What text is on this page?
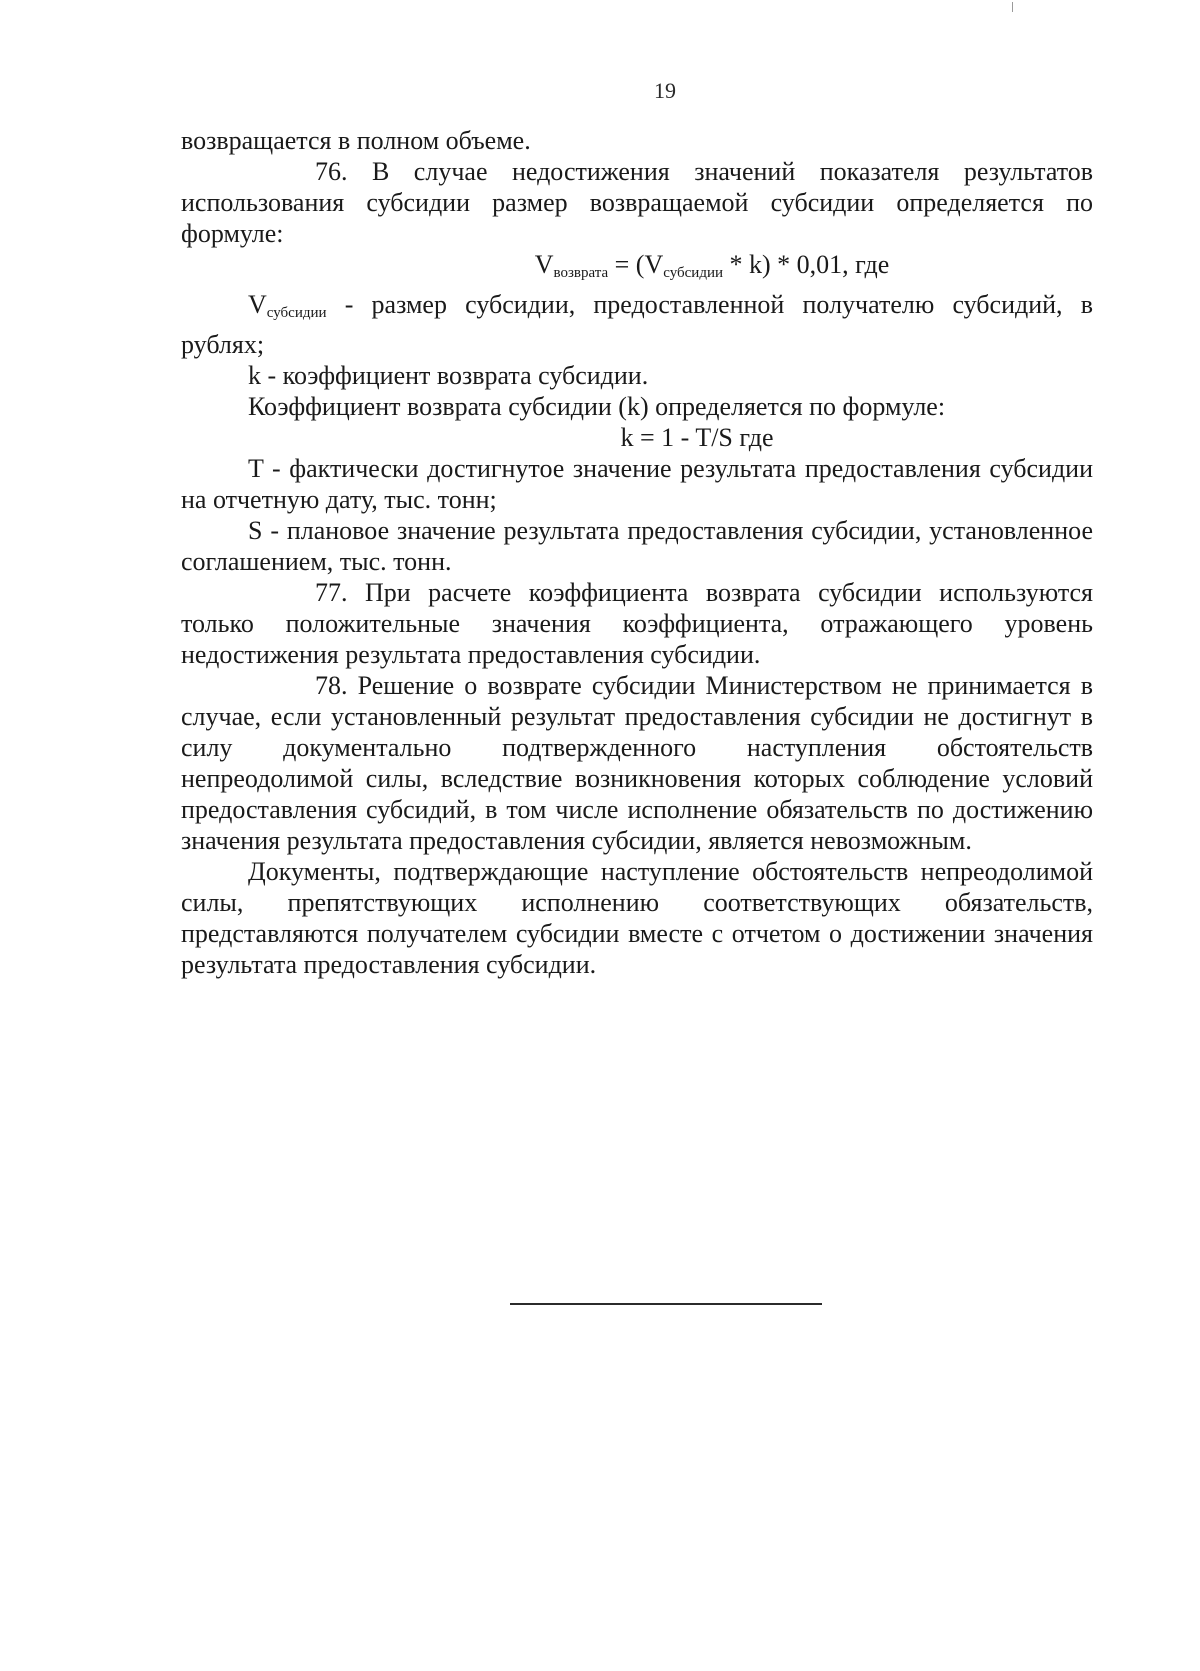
19

возвращается в полном объеме.

76. В случае недостижения значений показателя результатов использования субсидии размер возвращаемой субсидии определяется по формуле:

$V_{возврата} = (V_{субсидии} * k) * 0,01$, где

$V_{субсидии}$ - размер субсидии, предоставленной получателю субсидий, в рублях;

k - коэффициент возврата субсидии.

Коэффициент возврата субсидии (k) определяется по формуле:

k = 1 - T/S где

T - фактически достигнутое значение результата предоставления субсидии на отчетную дату, тыс. тонн;

S - плановое значение результата предоставления субсидии, установленное соглашением, тыс. тонн.

77. При расчете коэффициента возврата субсидии используются только положительные значения коэффициента, отражающего уровень недостижения результата предоставления субсидии.

78. Решение о возврате субсидии Министерством не принимается в случае, если установленный результат предоставления субсидии не достигнут в силу документально подтвержденного наступления обстоятельств непреодолимой силы, вследствие возникновения которых соблюдение условий предоставления субсидий, в том числе исполнение обязательств по достижению значения результата предоставления субсидии, является невозможным.

Документы, подтверждающие наступление обстоятельств непреодолимой силы, препятствующих исполнению соответствующих обязательств, представляются получателем субсидии вместе с отчетом о достижении значения результата предоставления субсидии.
